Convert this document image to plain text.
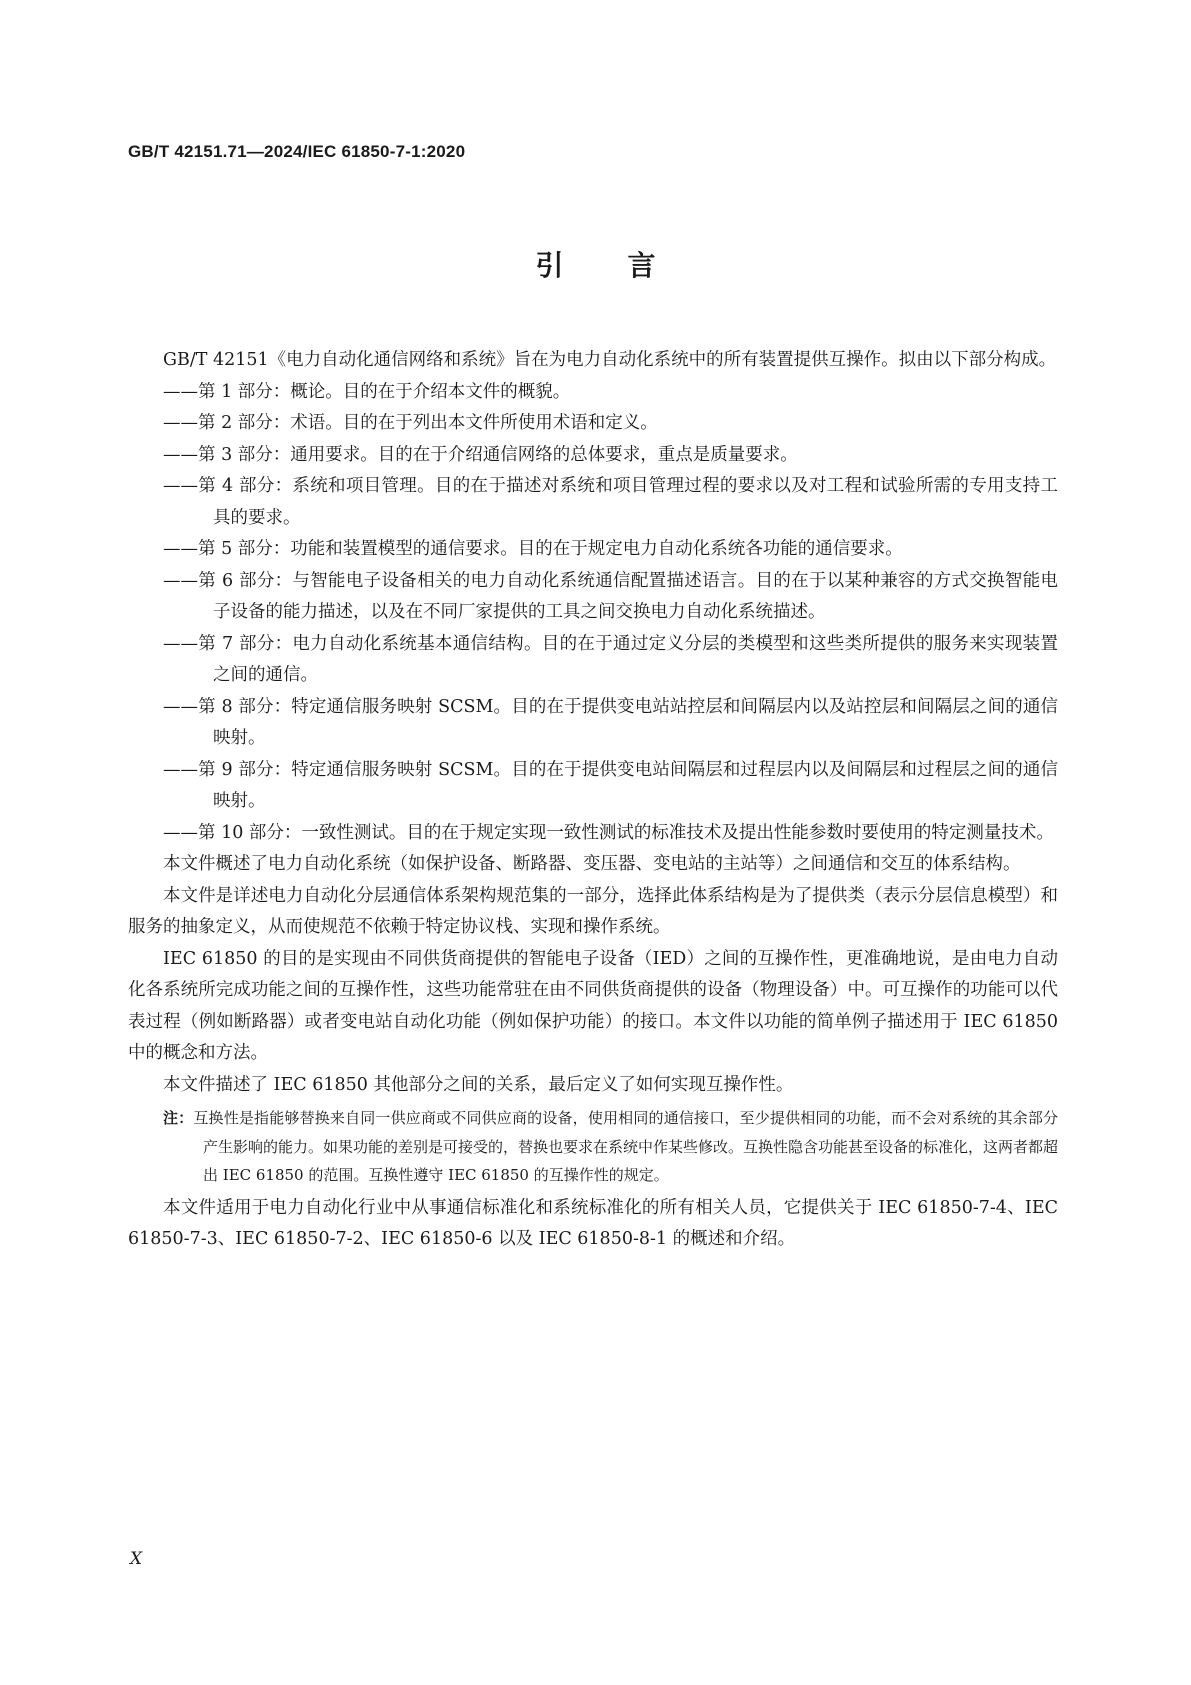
GB/T 42151.71—2024/IEC 61850-7-1:2020
引言

GB/T 42151《电力自动化通信网络和系统》旨在为电力自动化系统中的所有装置提供互操作。拟由以下部分构成。

——第 1 部分：概论。目的在于介绍本文件的概貌。
——第 2 部分：术语。目的在于列出本文件所使用术语和定义。
——第 3 部分：通用要求。目的在于介绍通信网络的总体要求，重点是质量要求。
——第 4 部分：系统和项目管理。目的在于描述对系统和项目管理过程的要求以及对工程和试验所需的专用支持工具的要求。
——第 5 部分：功能和装置模型的通信要求。目的在于规定电力自动化系统各功能的通信要求。
——第 6 部分：与智能电子设备相关的电力自动化系统通信配置描述语言。目的在于以某种兼容的方式交换智能电子设备的能力描述，以及在不同厂家提供的工具之间交换电力自动化系统描述。
——第 7 部分：电力自动化系统基本通信结构。目的在于通过定义分层的类模型和这些类所提供的服务来实现装置之间的通信。
——第 8 部分：特定通信服务映射 SCSM。目的在于提供变电站站控层和间隔层内以及站控层和间隔层之间的通信映射。
——第 9 部分：特定通信服务映射 SCSM。目的在于提供变电站间隔层和过程层内以及间隔层和过程层之间的通信映射。
——第 10 部分：一致性测试。目的在于规定实现一致性测试的标准技术及提出性能参数时要使用的特定测量技术。

本文件概述了电力自动化系统（如保护设备、断路器、变压器、变电站的主站等）之间通信和交互的体系结构。

本文件是详述电力自动化分层通信体系架构规范集的一部分，选择此体系结构是为了提供类（表示分层信息模型）和服务的抽象定义，从而使规范不依赖于特定协议栈、实现和操作系统。

IEC 61850 的目的是实现由不同供货商提供的智能电子设备（IED）之间的互操作性，更准确地说，是由电力自动化各系统所完成功能之间的互操作性，这些功能常驻在由不同供货商提供的设备（物理设备）中。可互操作的功能可以代表过程（例如断路器）或者变电站自动化功能（例如保护功能）的接口。本文件以功能的简单例子描述用于 IEC 61850 中的概念和方法。

本文件描述了 IEC 61850 其他部分之间的关系，最后定义了如何实现互操作性。

注：互换性是指能够替换来自同一供应商或不同供应商的设备，使用相同的通信接口，至少提供相同的功能，而不会对系统的其余部分产生影响的能力。如果功能的差别是可接受的，替换也要求在系统中作某些修改。互换性隐含功能甚至设备的标准化，这两者都超出 IEC 61850 的范围。互换性遵守 IEC 61850 的互操作性的规定。

本文件适用于电力自动化行业中从事通信标准化和系统标准化的所有相关人员，它提供关于 IEC 61850-7-4、IEC 61850-7-3、IEC 61850-7-2、IEC 61850-6 以及 IEC 61850-8-1 的概述和介绍。

X
